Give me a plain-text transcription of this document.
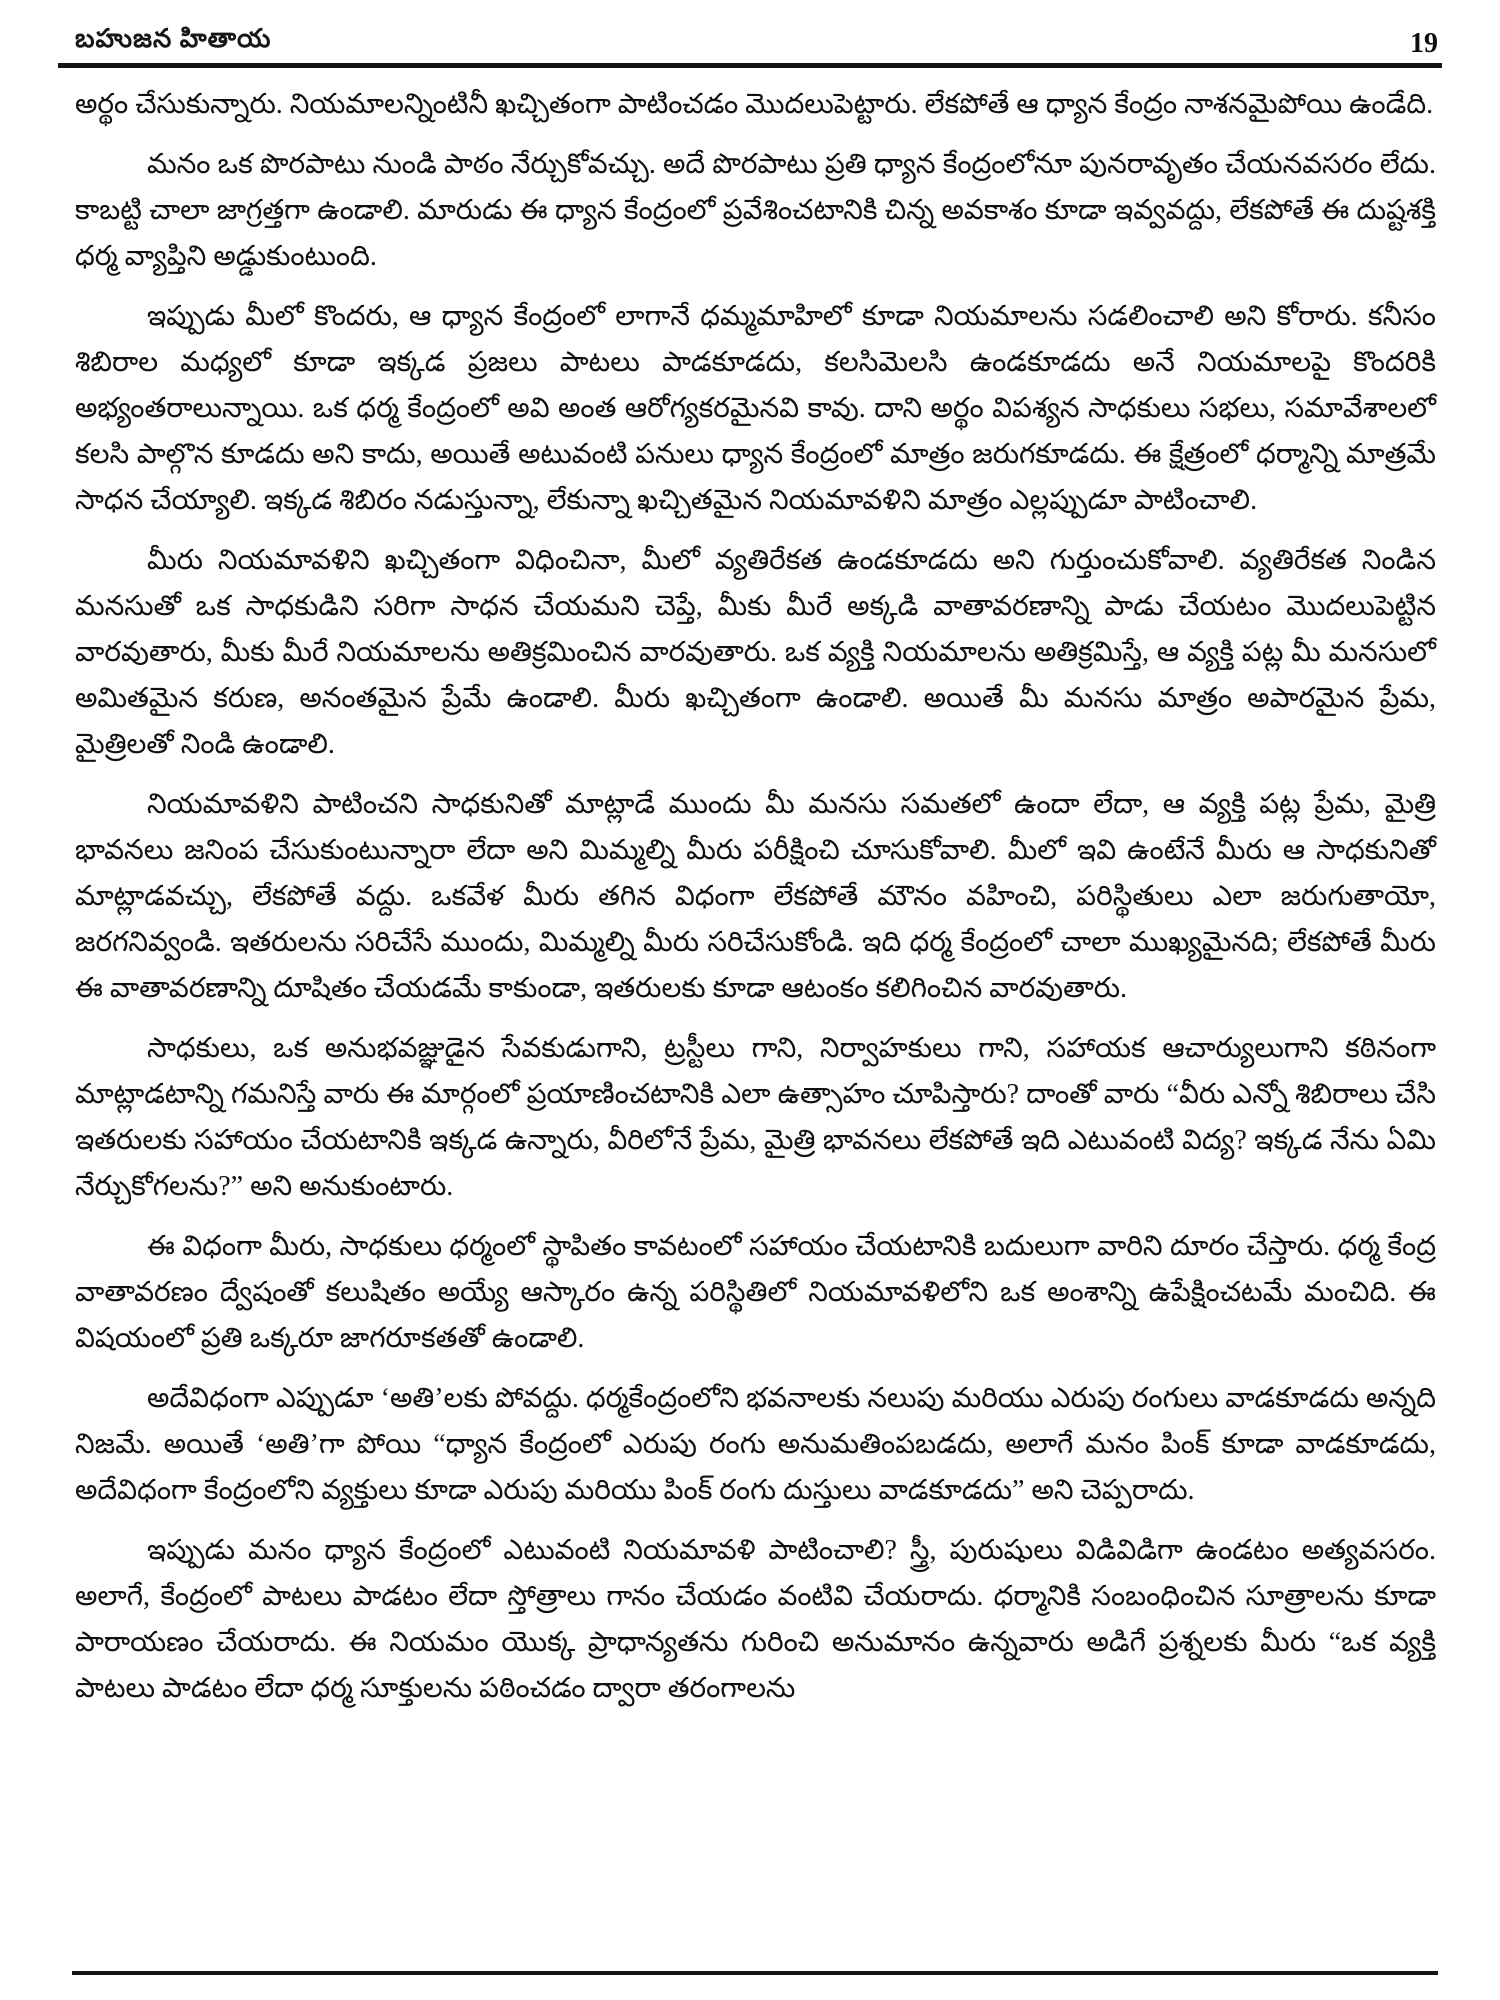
బహుజన హితాయ	19

అర్థం చేసుకున్నారు. నియమాలన్నింటినీ ఖచ్చితంగా పాటించడం మొదలుపెట్టారు. లేకపోతే ఆ ధ్యాన కేంద్రం నాశనమైపోయి ఉండేది.

మనం ఒక పొరపాటు నుండి పాఠం నేర్చుకోవచ్చు. అదే పొరపాటు ప్రతి ధ్యాన కేంద్రంలోనూ పునరావృతం చేయనవసరం లేదు. కాబట్టి చాలా జాగ్రత్తగా ఉండాలి. మారుడు ఈ ధ్యాన కేంద్రంలో ప్రవేశించటానికి చిన్న అవకాశం కూడా ఇవ్వవద్దు, లేకపోతే ఈ దుష్టశక్తి ధర్మ వ్యాప్తిని అడ్డుకుంటుంది.

ఇప్పుడు మీలో కొందరు, ఆ ధ్యాన కేంద్రంలో లాగానే ధమ్మమాహిలో కూడా నియమాలను సడలించాలి అని కోరారు. కనీసం శిబిరాల మధ్యలో కూడా ఇక్కడ ప్రజలు పాటలు పాడకూడదు, కలసిమెలసి ఉండకూడదు అనే నియమాలపై కొందరికి అభ్యంతరాలున్నాయి. ఒక ధర్మ కేంద్రంలో అవి అంత ఆరోగ్యకరమైనవి కావు. దాని అర్థం విపశ్యన సాధకులు సభలు, సమావేశాలలో కలసి పాల్గొన కూడదు అని కాదు, అయితే అటువంటి పనులు ధ్యాన కేంద్రంలో మాత్రం జరుగకూడదు. ఈ క్షేత్రంలో ధర్మాన్ని మాత్రమే సాధన చేయ్యాలి. ఇక్కడ శిబిరం నడుస్తున్నా, లేకున్నా ఖచ్చితమైన నియమావళిని మాత్రం ఎల్లప్పుడూ పాటించాలి.

మీరు నియమావళిని ఖచ్చితంగా విధించినా, మీలో వ్యతిరేకత ఉండకూడదు అని గుర్తుంచుకోవాలి. వ్యతిరేకత నిండిన మనసుతో ఒక సాధకుడిని సరిగా సాధన చేయమని చెప్తే, మీకు మీరే అక్కడి వాతావరణాన్ని పాడు చేయటం మొదలుపెట్టిన వారవుతారు, మీకు మీరే నియమాలను అతిక్రమించిన వారవుతారు. ఒక వ్యక్తి నియమాలను అతిక్రమిస్తే, ఆ వ్యక్తి పట్ల మీ మనసులో అమితమైన కరుణ, అనంతమైన ప్రేమే ఉండాలి. మీరు ఖచ్చితంగా ఉండాలి. అయితే మీ మనసు మాత్రం అపారమైన ప్రేమ, మైత్రిలతో నిండి ఉండాలి.

నియమావళిని పాటించని సాధకునితో మాట్లాడే ముందు మీ మనసు సమతలో ఉందా లేదా, ఆ వ్యక్తి పట్ల ప్రేమ, మైత్రి భావనలు జనింప చేసుకుంటున్నారా లేదా అని మిమ్మల్ని మీరు పరీక్షించి చూసుకోవాలి. మీలో ఇవి ఉంటేనే మీరు ఆ సాధకునితో మాట్లాడవచ్చు, లేకపోతే వద్దు. ఒకవేళ మీరు తగిన విధంగా లేకపోతే మౌనం వహించి, పరిస్థితులు ఎలా జరుగుతాయో, జరగనివ్వండి. ఇతరులను సరిచేసే ముందు, మిమ్మల్ని మీరు సరిచేసుకోండి. ఇది ధర్మ కేంద్రంలో చాలా ముఖ్యమైనది; లేకపోతే మీరు ఈ వాతావరణాన్ని దూషితం చేయడమే కాకుండా, ఇతరులకు కూడా ఆటంకం కలిగించిన వారవుతారు.

సాధకులు, ఒక అనుభవజ్ఞుడైన సేవకుడుగాని, ట్రస్టీలు గాని, నిర్వాహకులు గాని, సహాయక ఆచార్యులుగాని కఠినంగా మాట్లాడటాన్ని గమనిస్తే వారు ఈ మార్గంలో ప్రయాణించటానికి ఎలా ఉత్సాహం చూపిస్తారు? దాంతో వారు “వీరు ఎన్నో శిబిరాలు చేసి ఇతరులకు సహాయం చేయటానికి ఇక్కడ ఉన్నారు, వీరిలోనే ప్రేమ, మైత్రి భావనలు లేకపోతే ఇది ఎటువంటి విద్య? ఇక్కడ నేను ఏమి నేర్చుకోగలను?” అని అనుకుంటారు.

ఈ విధంగా మీరు, సాధకులు ధర్మంలో స్థాపితం కావటంలో సహాయం చేయటానికి బదులుగా వారిని దూరం చేస్తారు. ధర్మ కేంద్ర వాతావరణం ద్వేషంతో కలుషితం అయ్యే ఆస్కారం ఉన్న పరిస్థితిలో నియమావళిలోని ఒక అంశాన్ని ఉపేక్షించటమే మంచిది. ఈ విషయంలో ప్రతి ఒక్కరూ జాగరూకతతో ఉండాలి.

అదేవిధంగా ఎప్పుడూ ‘అతి’లకు పోవద్దు. ధర్మకేంద్రంలోని భవనాలకు నలుపు మరియు ఎరుపు రంగులు వాడకూడదు అన్నది నిజమే. అయితే ‘అతి’గా పోయి “ధ్యాన కేంద్రంలో ఎరుపు రంగు అనుమతింపబడదు, అలాగే మనం పింక్ కూడా వాడకూడదు, అదేవిధంగా కేంద్రంలోని వ్యక్తులు కూడా ఎరుపు మరియు పింక్ రంగు దుస్తులు వాడకూడదు” అని చెప్పరాదు.

ఇప్పుడు మనం ధ్యాన కేంద్రంలో ఎటువంటి నియమావళి పాటించాలి? స్త్రీ, పురుషులు విడివిడిగా ఉండటం అత్యవసరం. అలాగే, కేంద్రంలో పాటలు పాడటం లేదా స్తోత్రాలు గానం చేయడం వంటివి చేయరాదు. ధర్మానికి సంబంధించిన సూత్రాలను కూడా పారాయణం చేయరాదు. ఈ నియమం యొక్క ప్రాధాన్యతను గురించి అనుమానం ఉన్నవారు అడిగే ప్రశ్నలకు మీరు “ఒక వ్యక్తి పాటలు పాడటం లేదా ధర్మ సూక్తులను పఠించడం ద్వారా తరంగాలను
